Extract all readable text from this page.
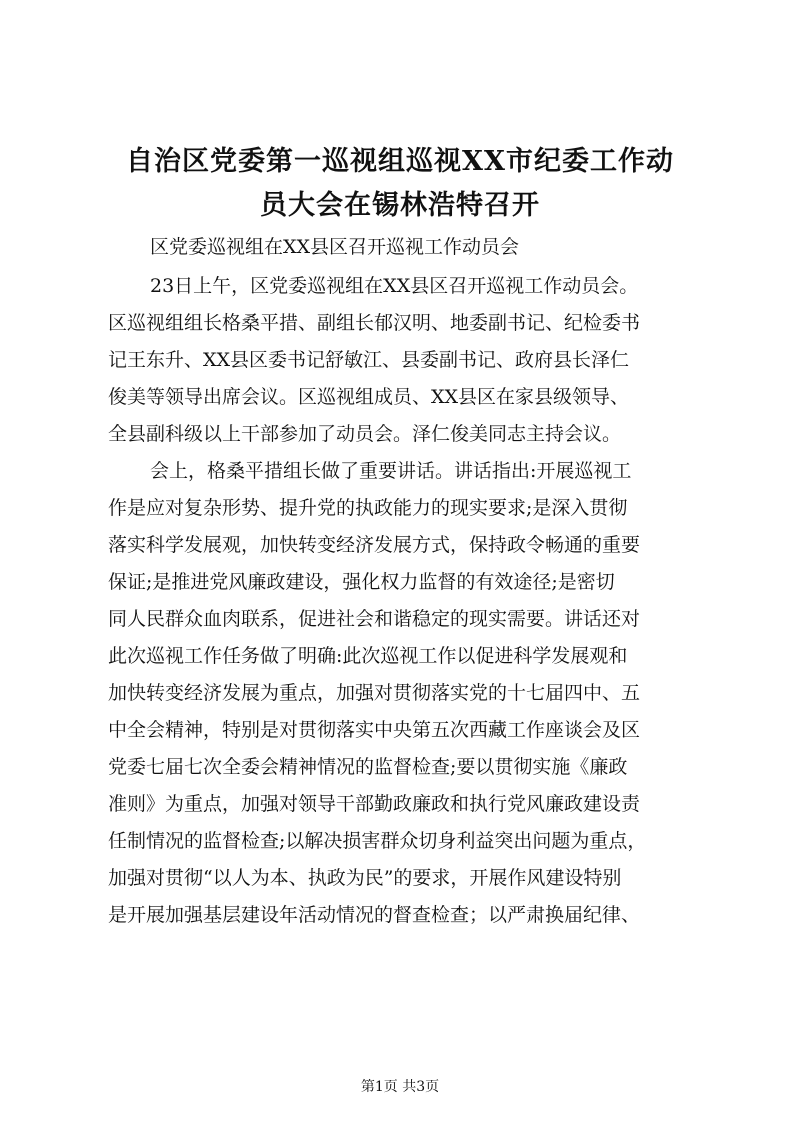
自治区党委第一巡视组巡视XX市纪委工作动
员大会在锡林浩特召开
区党委巡视组在XX县区召开巡视工作动员会
23日上午，区党委巡视组在XX县区召开巡视工作动员会。
区巡视组组长格桑平措、副组长郁汉明、地委副书记、纪检委书
记王东升、XX县区委书记舒敏江、县委副书记、政府县长泽仁
俊美等领导出席会议。区巡视组成员、XX县区在家县级领导、
全县副科级以上干部参加了动员会。泽仁俊美同志主持会议。
会上，格桑平措组长做了重要讲话。讲话指出:开展巡视工
作是应对复杂形势、提升党的执政能力的现实要求;是深入贯彻
落实科学发展观，加快转变经济发展方式，保持政令畅通的重要
保证;是推进党风廉政建设，强化权力监督的有效途径;是密切
同人民群众血肉联系，促进社会和谐稳定的现实需要。讲话还对
此次巡视工作任务做了明确:此次巡视工作以促进科学发展观和
加快转变经济发展为重点，加强对贯彻落实党的十七届四中、五
中全会精神，特别是对贯彻落实中央第五次西藏工作座谈会及区
党委七届七次全委会精神情况的监督检查;要以贯彻实施《廉政
准则》为重点，加强对领导干部勤政廉政和执行党风廉政建设责
任制情况的监督检查;以解决损害群众切身利益突出问题为重点，
加强对贯彻“以人为本、执政为民”的要求，开展作风建设特别
是开展加强基层建设年活动情况的督查检查；以严肃换届纪律、
第1页 共3页
